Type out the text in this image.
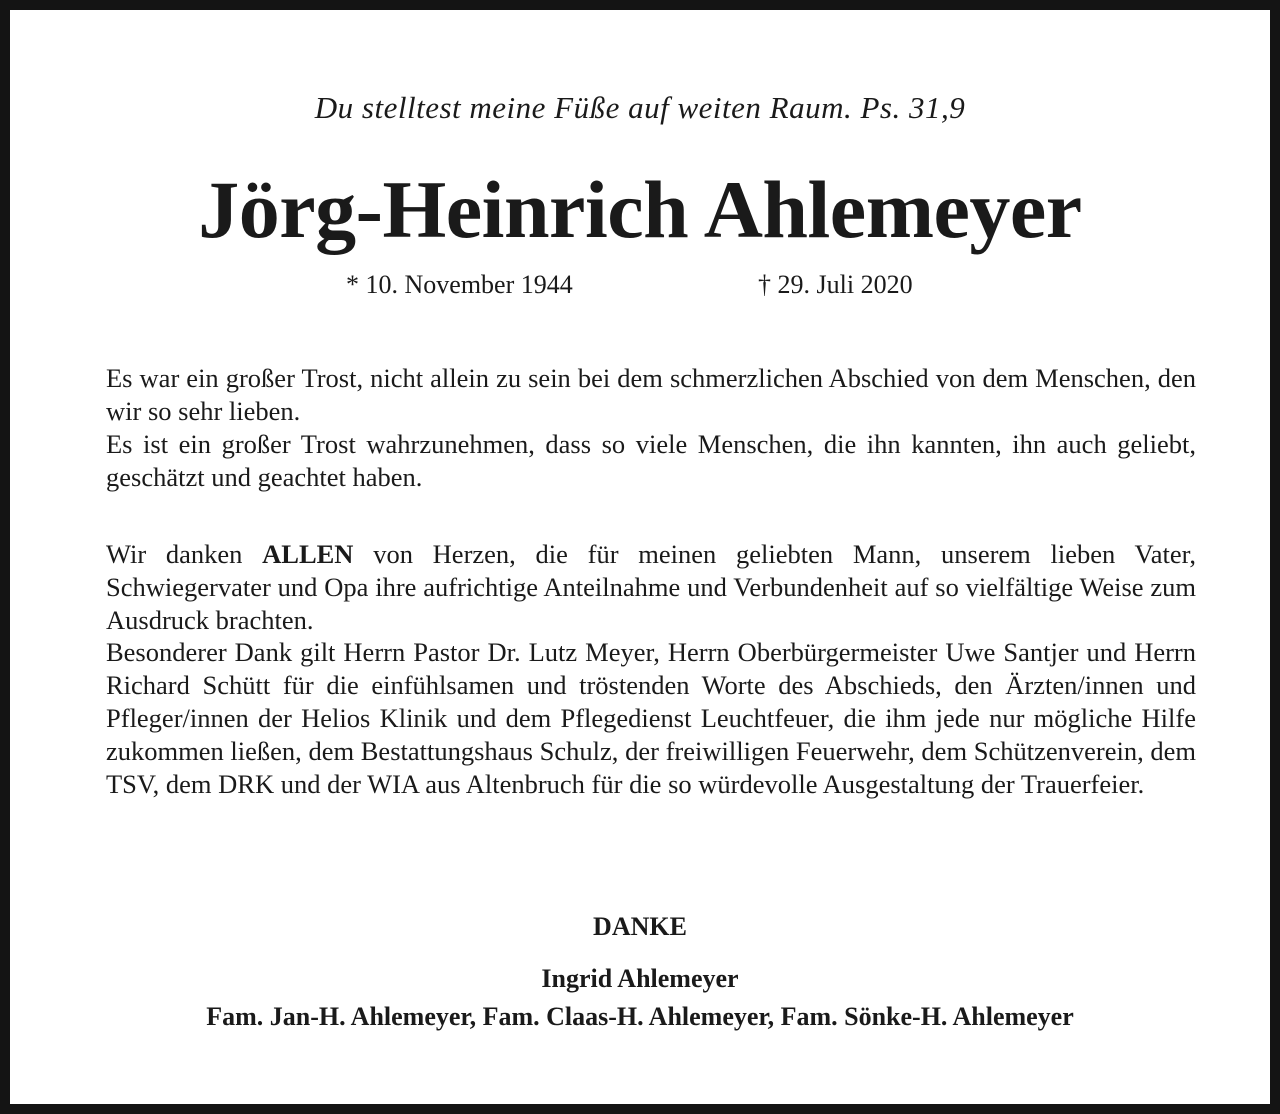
Du stelltest meine Füße auf weiten Raum. Ps. 31,9
Jörg-Heinrich Ahlemeyer
* 10. November 1944	† 29. Juli 2020

Es war ein großer Trost, nicht allein zu sein bei dem schmerzlichen Abschied von dem Menschen, den wir so sehr lieben.

Es ist ein großer Trost wahrzunehmen, dass so viele Menschen, die ihn kannten, ihn auch geliebt, geschätzt und geachtet haben.

Wir danken ALLEN von Herzen, die für meinen geliebten Mann, unserem lieben Vater, Schwiegervater und Opa ihre aufrichtige Anteilnahme und Verbundenheit auf so vielfältige Weise zum Ausdruck brachten.

Besonderer Dank gilt Herrn Pastor Dr. Lutz Meyer, Herrn Oberbürgermeister Uwe Santjer und Herrn Richard Schütt für die einfühlsamen und tröstenden Worte des Abschieds, den Ärzten/innen und Pfleger/innen der Helios Klinik und dem Pflegedienst Leuchtfeuer, die ihm jede nur mögliche Hilfe zukommen ließen, dem Bestattungshaus Schulz, der freiwilligen Feuerwehr, dem Schützenverein, dem TSV, dem DRK und der WIA aus Altenbruch für die so würdevolle Ausgestaltung der Trauerfeier.

DANKE
Ingrid Ahlemeyer
Fam. Jan-H. Ahlemeyer, Fam. Claas-H. Ahlemeyer, Fam. Sönke-H. Ahlemeyer
